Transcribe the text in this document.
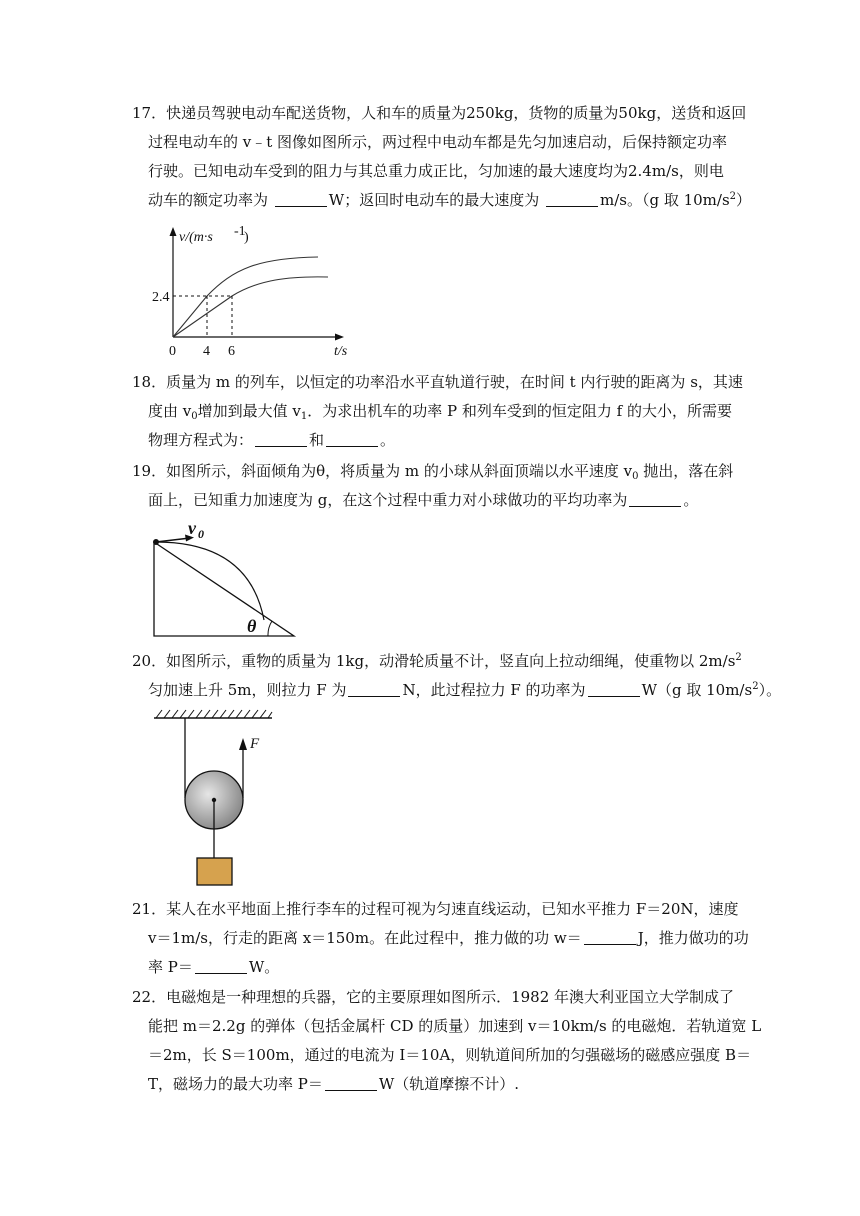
17．快递员驾驶电动车配送货物，人和车的质量为250kg，货物的质量为50kg，送货和返回
过程电动车的 v﹣t 图像如图所示，两过程中电动车都是先匀加速启动，后保持额定功率
行驶。已知电动车受到的阻力与其总重力成正比，匀加速的最大速度均为2.4m/s，则电
动车的额定功率为	W；返回时电动车的最大速度为	m/s。（g 取 $10m/s^2$）
v/(m·s -1
)
2.4
0 4 6	t/s
18．质量为 m 的列车，以恒定的功率沿水平直轨道行驶，在时间 t 内行驶的距离为 s，其速
度由 $v_0$增加到最大值 $v_1$．为求出机车的功率 P 和列车受到的恒定阻力 f 的大小，所需要
物理方程式为：	和	。
19．如图所示，斜面倾角为θ，将质量为 m 的小球从斜面顶端以水平速度 $v_0$ 抛出，落在斜
面上，已知重力加速度为 g，在这个过程中重力对小球做功的平均功率为	。
v 0
θ
20．如图所示，重物的质量为 1kg，动滑轮质量不计，竖直向上拉动细绳，使重物以 $2m/s^2$
匀加速上升 5m，则拉力 F 为	N，此过程拉力 F 的功率为	W（g 取 $10m/s^2$）。
F
21．某人在水平地面上推行李车的过程可视为匀速直线运动，已知水平推力 F＝20N，速度
v＝1m/s，行走的距离 x＝150m。在此过程中，推力做的功 w＝	J，推力做功的功
率 P＝	W。
22．电磁炮是一种理想的兵器，它的主要原理如图所示．1982 年澳大利亚国立大学制成了
能把 m＝2.2g 的弹体（包括金属杆 CD 的质量）加速到 v＝10km/s 的电磁炮．若轨道宽 L
＝2m，长 S＝100m，通过的电流为 I＝10A，则轨道间所加的匀强磁场的磁感应强度 B＝
T，磁场力的最大功率 P＝	W（轨道摩擦不计）.
